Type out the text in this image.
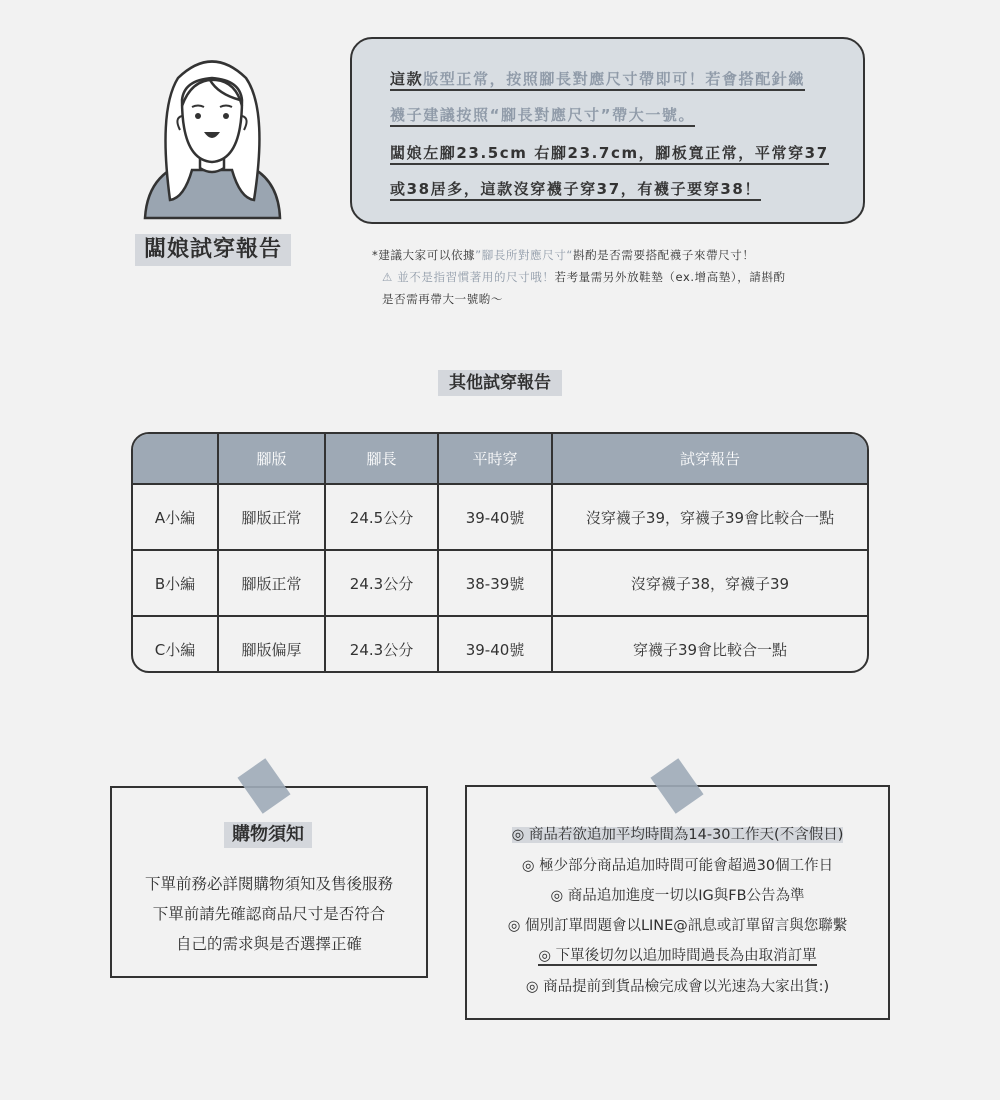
闆娘試穿報告
這款版型正常，按照腳長對應尺寸帶即可！若會搭配針織
襪子建議按照“腳長對應尺寸”帶大一號。
闆娘左腳23.5cm 右腳23.7cm，腳板寬正常，平常穿37
或38居多，這款沒穿襪子穿37，有襪子要穿38！
*建議大家可以依據”腳長所對應尺寸“斟酌是否需要搭配襪子來帶尺寸！
⚠ 並不是指習慣著用的尺寸哦！若考量需另外放鞋墊（ex.增高墊），請斟酌
是否需再帶大一號喲～
其他試穿報告
	腳版	腳長	平時穿	試穿報告
A小編	腳版正常	24.5公分	39-40號	沒穿襪子39，穿襪子39會比較合一點
B小編	腳版正常	24.3公分	38-39號	沒穿襪子38，穿襪子39
C小編	腳版偏厚	24.3公分	39-40號	穿襪子39會比較合一點
購物須知
下單前務必詳閱購物須知及售後服務
下單前請先確認商品尺寸是否符合
自己的需求與是否選擇正確
◎ 商品若欲追加平均時間為14-30工作天(不含假日)
◎ 極少部分商品追加時間可能會超過30個工作日
◎ 商品追加進度一切以IG與FB公告為準
◎ 個別訂單問題會以LINE@訊息或訂單留言與您聯繫
◎ 下單後切勿以追加時間過長為由取消訂單
◎ 商品提前到貨品檢完成會以光速為大家出貨:)
